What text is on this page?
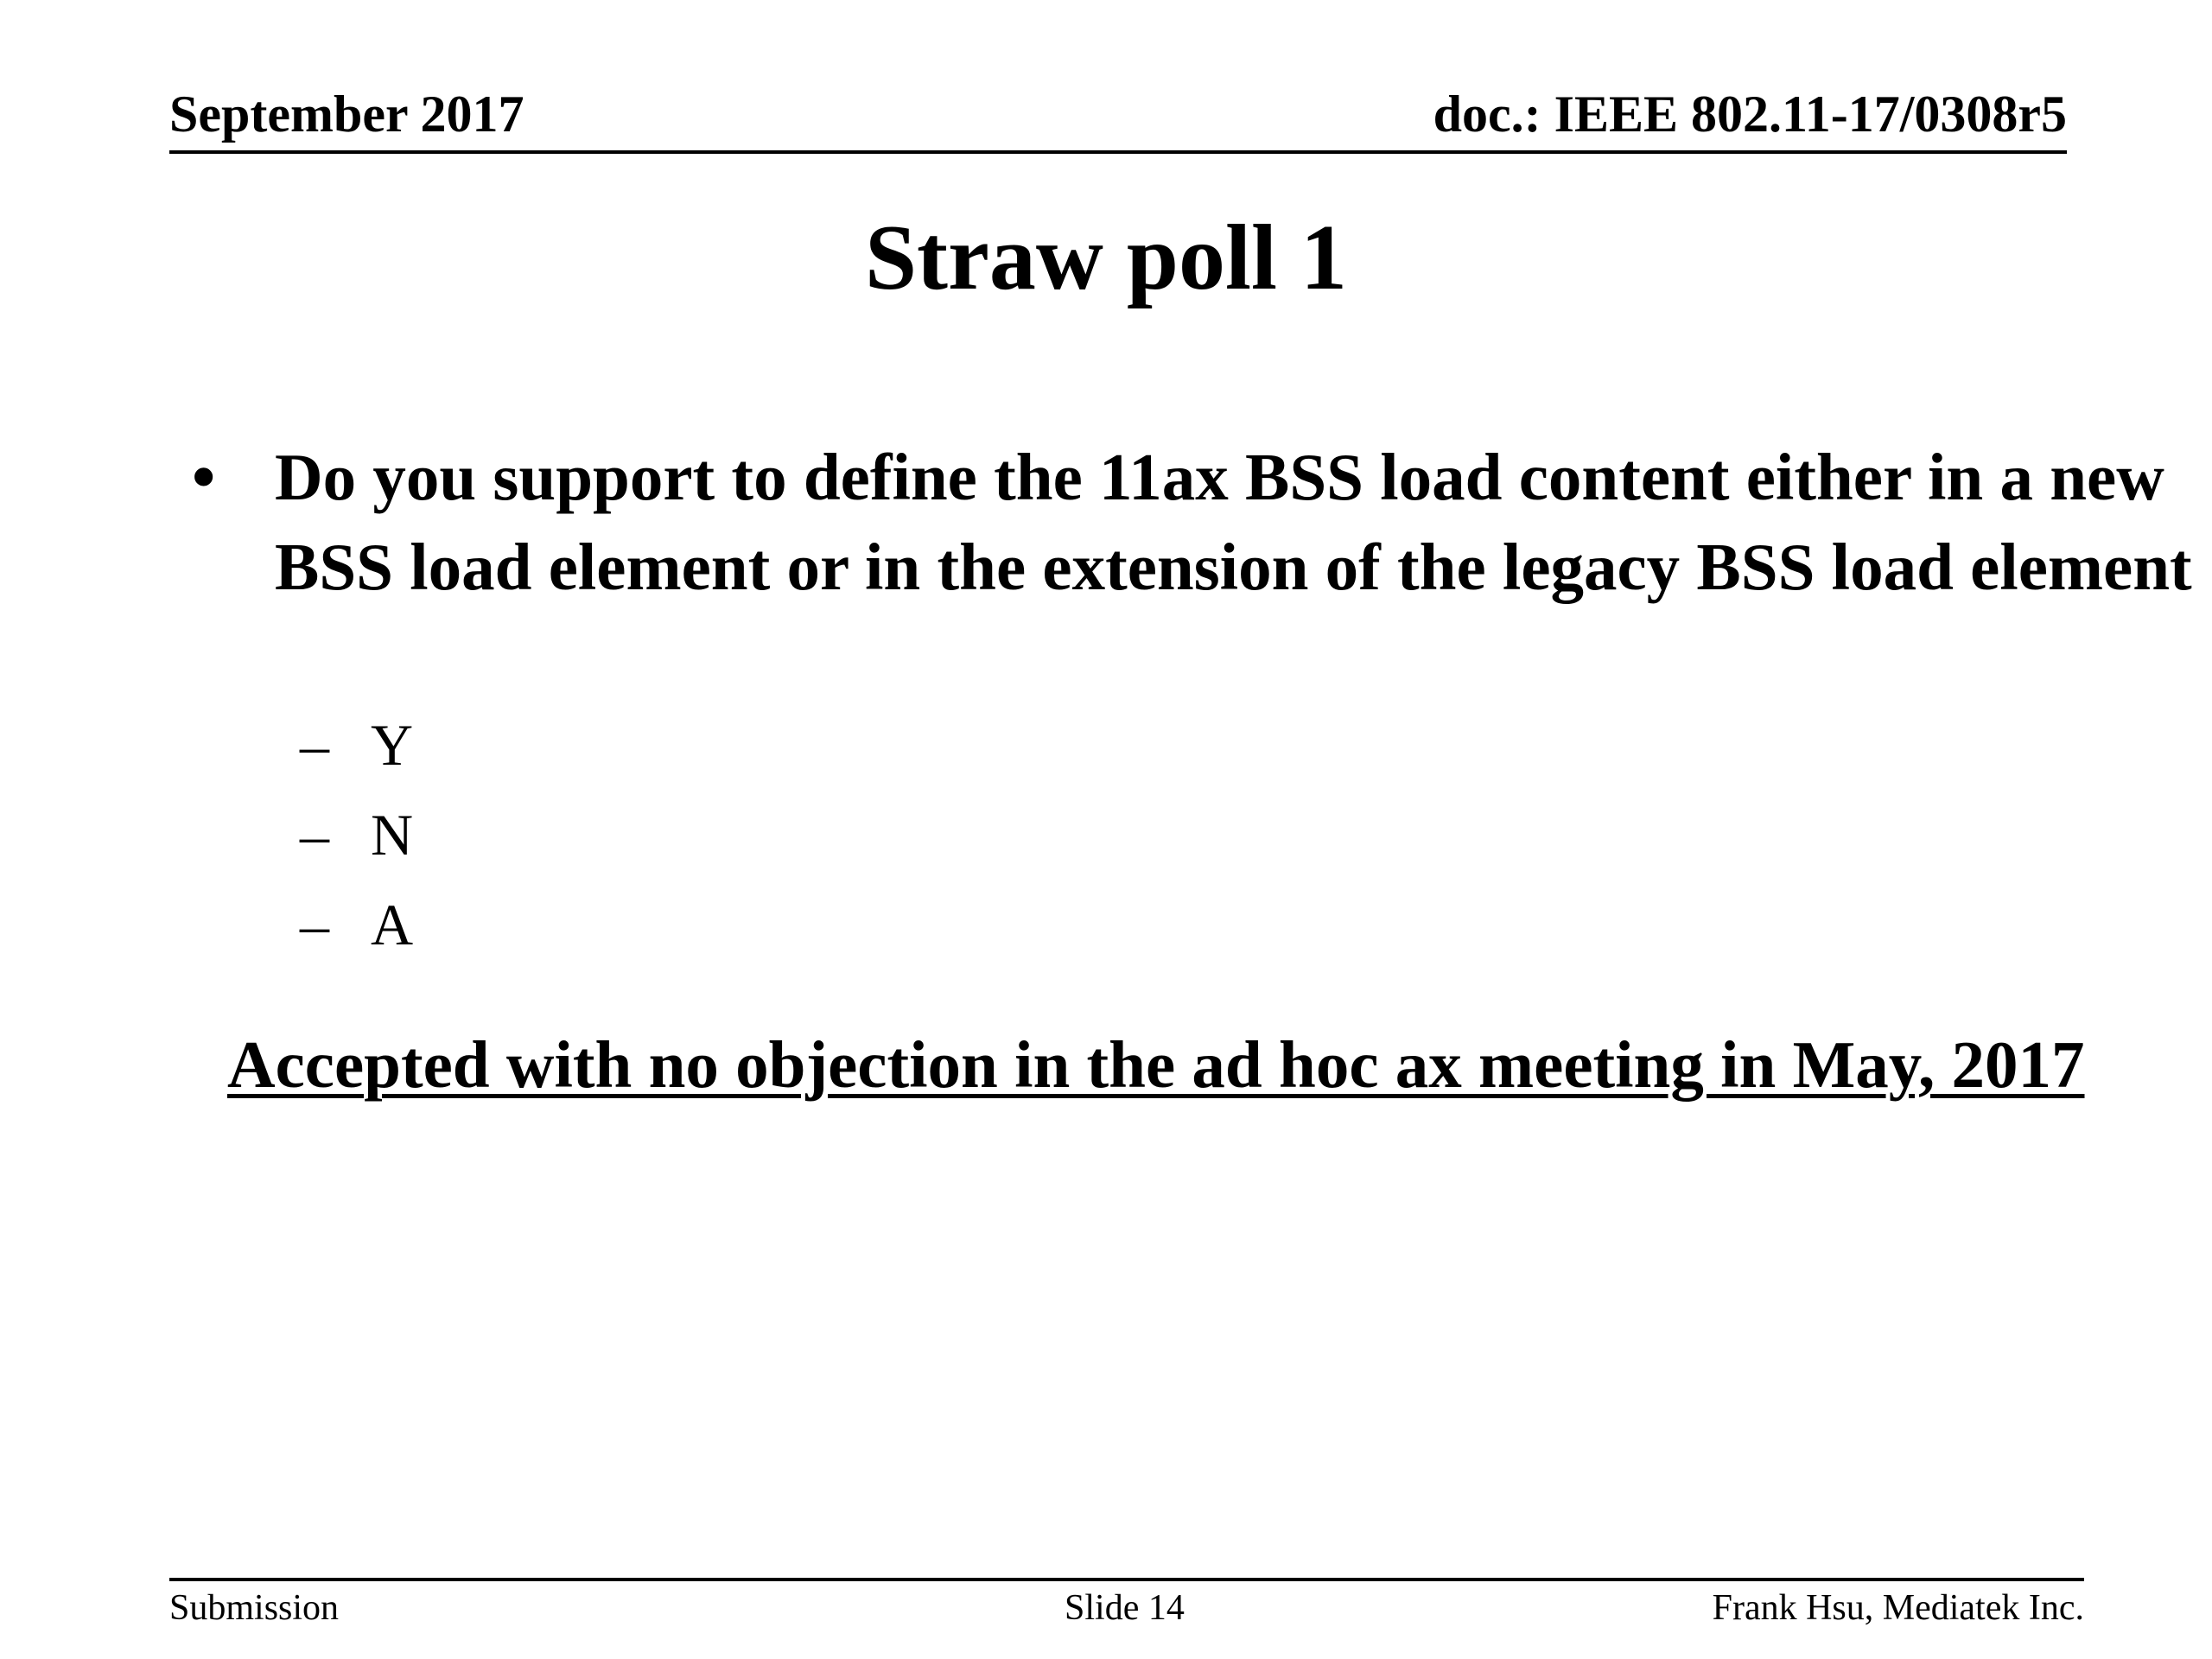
September 2017	doc.: IEEE 802.11-17/0308r5
Straw poll 1
• Do you support to define the 11ax BSS load content either in a new BSS load element or in the extension of the legacy BSS load element
– Y
– N
– A
Accepted with no objection in the ad hoc ax meeting in May, 2017
Submission	Slide 14	Frank Hsu, Mediatek Inc.
